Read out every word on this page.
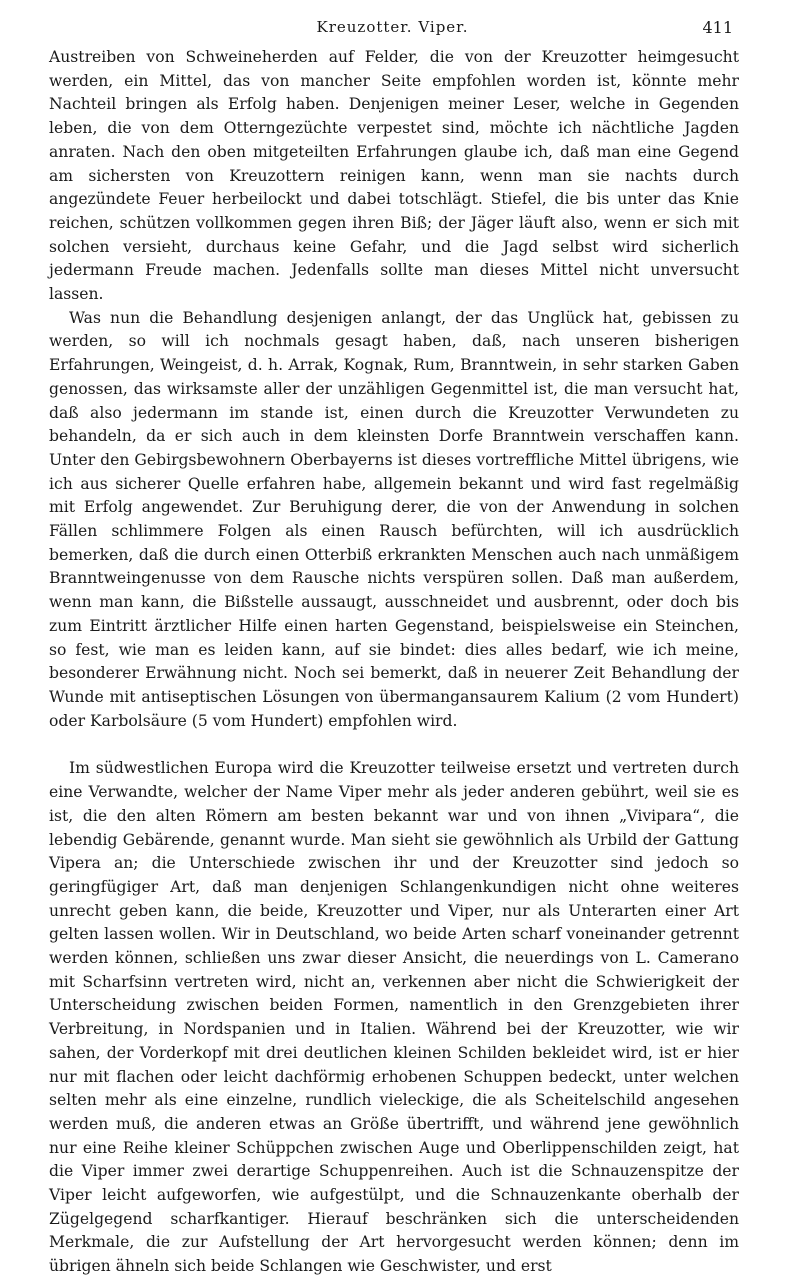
Kreuzotter. Viper.	411

Austreiben von Schweineherden auf Felder, die von der Kreuzotter heimgesucht werden, ein Mittel, das von mancher Seite empfohlen worden ist, könnte mehr Nachteil bringen als Erfolg haben. Denjenigen meiner Leser, welche in Gegenden leben, die von dem Otterngezüchte verpestet sind, möchte ich nächtliche Jagden anraten. Nach den oben mitgeteilten Erfahrungen glaube ich, daß man eine Gegend am sichersten von Kreuzottern reinigen kann, wenn man sie nachts durch angezündete Feuer herbeilockt und dabei totschlägt. Stiefel, die bis unter das Knie reichen, schützen vollkommen gegen ihren Biß; der Jäger läuft also, wenn er sich mit solchen versieht, durchaus keine Gefahr, und die Jagd selbst wird sicherlich jedermann Freude machen. Jedenfalls sollte man dieses Mittel nicht unversucht lassen.

Was nun die Behandlung desjenigen anlangt, der das Unglück hat, gebissen zu werden, so will ich nochmals gesagt haben, daß, nach unseren bisherigen Erfahrungen, Weingeist, d. h. Arrak, Kognak, Rum, Branntwein, in sehr starken Gaben genossen, das wirksamste aller der unzähligen Gegenmittel ist, die man versucht hat, daß also jedermann im stande ist, einen durch die Kreuzotter Verwundeten zu behandeln, da er sich auch in dem kleinsten Dorfe Branntwein verschaffen kann. Unter den Gebirgsbewohnern Oberbayerns ist dieses vortreffliche Mittel übrigens, wie ich aus sicherer Quelle erfahren habe, allgemein bekannt und wird fast regelmäßig mit Erfolg angewendet. Zur Beruhigung derer, die von der Anwendung in solchen Fällen schlimmere Folgen als einen Rausch befürchten, will ich ausdrücklich bemerken, daß die durch einen Otterbiß erkrankten Menschen auch nach unmäßigem Branntweingenusse von dem Rausche nichts verspüren sollen. Daß man außerdem, wenn man kann, die Bißstelle aussaugt, ausschneidet und ausbrennt, oder doch bis zum Eintritt ärztlicher Hilfe einen harten Gegenstand, beispielsweise ein Steinchen, so fest, wie man es leiden kann, auf sie bindet: dies alles bedarf, wie ich meine, besonderer Erwähnung nicht. Noch sei bemerkt, daß in neuerer Zeit Behandlung der Wunde mit antiseptischen Lösungen von übermangansaurem Kalium (2 vom Hundert) oder Karbolsäure (5 vom Hundert) empfohlen wird.

Im südwestlichen Europa wird die Kreuzotter teilweise ersetzt und vertreten durch eine Verwandte, welcher der Name Viper mehr als jeder anderen gebührt, weil sie es ist, die den alten Römern am besten bekannt war und von ihnen „Vivipara“, die lebendig Gebärende, genannt wurde. Man sieht sie gewöhnlich als Urbild der Gattung Vipera an; die Unterschiede zwischen ihr und der Kreuzotter sind jedoch so geringfügiger Art, daß man denjenigen Schlangenkundigen nicht ohne weiteres unrecht geben kann, die beide, Kreuzotter und Viper, nur als Unterarten einer Art gelten lassen wollen. Wir in Deutschland, wo beide Arten scharf voneinander getrennt werden können, schließen uns zwar dieser Ansicht, die neuerdings von L. Camerano mit Scharfsinn vertreten wird, nicht an, verkennen aber nicht die Schwierigkeit der Unterscheidung zwischen beiden Formen, namentlich in den Grenzgebieten ihrer Verbreitung, in Nordspanien und in Italien. Während bei der Kreuzotter, wie wir sahen, der Vorderkopf mit drei deutlichen kleinen Schilden bekleidet wird, ist er hier nur mit flachen oder leicht dachförmig erhobenen Schuppen bedeckt, unter welchen selten mehr als eine einzelne, rundlich vieleckige, die als Scheitelschild angesehen werden muß, die anderen etwas an Größe übertrifft, und während jene gewöhnlich nur eine Reihe kleiner Schüppchen zwischen Auge und Oberlippenschilden zeigt, hat die Viper immer zwei derartige Schuppenreihen. Auch ist die Schnauzenspitze der Viper leicht aufgeworfen, wie aufgestülpt, und die Schnauzenkante oberhalb der Zügelgegend scharfkantiger. Hierauf beschränken sich die unterscheidenden Merkmale, die zur Aufstellung der Art hervorgesucht werden können; denn im übrigen ähneln sich beide Schlangen wie Geschwister, und erst
